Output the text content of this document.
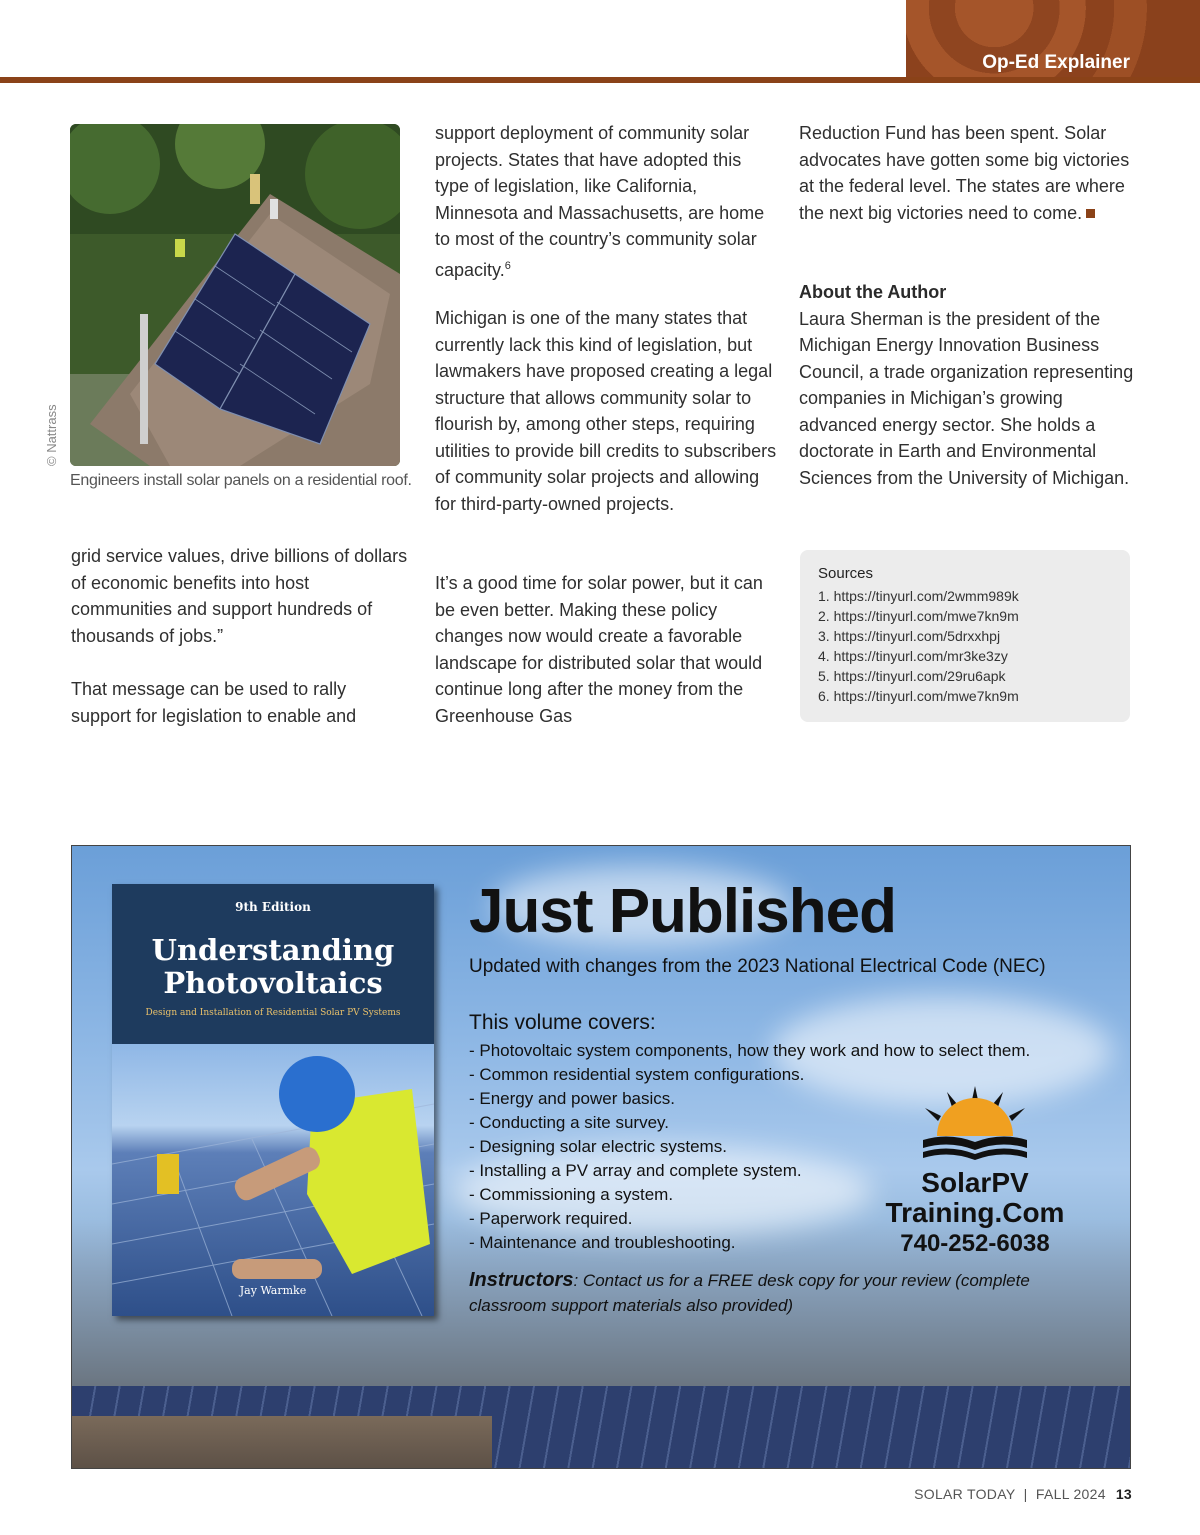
Op-Ed Explainer
© Nattrass
Engineers install solar panels on a residential roof.

grid service values, drive billions of dollars of economic benefits into host communities and support hundreds of thousands of jobs.”

That message can be used to rally support for legislation to enable and

support deployment of community solar projects. States that have adopted this type of legislation, like California, Minnesota and Massachusetts, are home to most of the country’s community solar capacity.$^6$

Michigan is one of the many states that currently lack this kind of legislation, but lawmakers have proposed creating a legal structure that allows community solar to flourish by, among other steps, requiring utilities to provide bill credits to subscribers of community solar projects and allowing for third-party-owned projects.

It’s a good time for solar power, but it can be even better. Making these policy changes now would create a favorable landscape for distributed solar that would continue long after the money from the Greenhouse Gas

Reduction Fund has been spent. Solar advocates have gotten some big victories at the federal level. The states are where the next big victories need to come.

About the Author
Laura Sherman is the president of the Michigan Energy Innovation Business Council, a trade organization representing companies in Michigan’s growing advanced energy sector. She holds a doctorate in Earth and Environmental Sciences from the University of Michigan.

Sources
1. https://tinyurl.com/2wmm989k
2. https://tinyurl.com/mwe7kn9m
3. https://tinyurl.com/5drxxhpj
4. https://tinyurl.com/mr3ke3zy
5. https://tinyurl.com/29ru6apk
6. https://tinyurl.com/mwe7kn9m
9th Edition
Understanding
Photovoltaics
Design and Installation of Residential Solar PV Systems
Jay Warmke
Just Published
Updated with changes from the 2023 National Electrical Code (NEC)
This volume covers:
- Photovoltaic system components, how they work and how to select them.
- Common residential system configurations.
- Energy and power basics.
- Conducting a site survey.
- Designing solar electric systems.
- Installing a PV array and complete system.
- Commissioning a system.
- Paperwork required.
- Maintenance and troubleshooting.
Instructors: Contact us for a FREE desk copy for your review (complete classroom support materials also provided)
SolarPV
Training.Com
740-252-6038
SOLAR TODAY  |  FALL 2024 13
